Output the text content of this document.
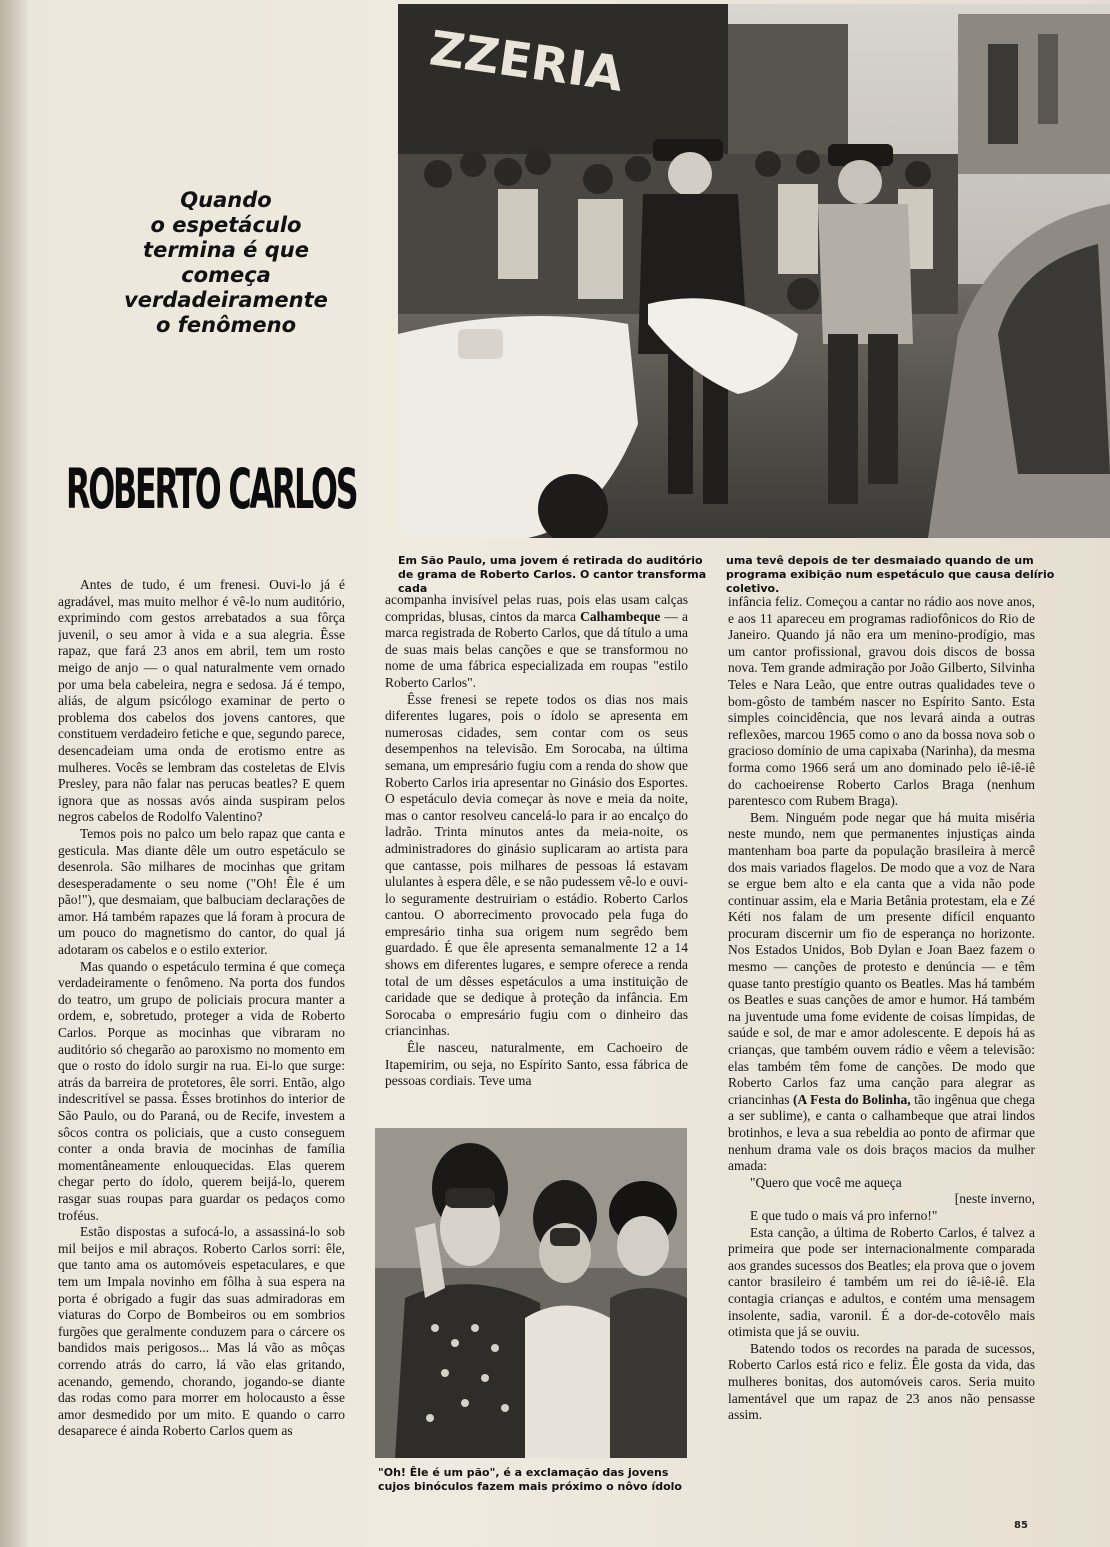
Quando
o espetáculo
termina é que
começa
verdadeiramente
o fenômeno
ROBERTO CARLOS
ZZERIA
Em São Paulo, uma jovem é retirada do auditório de grama de Roberto Carlos. O cantor transforma cada
uma tevê depois de ter desmaiado quando de um programa exibição num espetáculo que causa delírio coletivo.

Antes de tudo, é um frenesi. Ouvi-lo já é agradável, mas muito melhor é vê-lo num auditório, exprimindo com gestos arrebatados a sua fôrça juvenil, o seu amor à vida e a sua alegria. Êsse rapaz, que fará 23 anos em abril, tem um rosto meigo de anjo — o qual naturalmente vem ornado por uma bela cabeleira, negra e sedosa. Já é tempo, aliás, de algum psicólogo examinar de perto o problema dos cabelos dos jovens cantores, que constituem verdadeiro fetiche e que, segundo parece, desencadeiam uma onda de erotismo entre as mulheres. Vocês se lembram das costeletas de Elvis Presley, para não falar nas perucas beatles? E quem ignora que as nossas avós ainda suspiram pelos negros cabelos de Rodolfo Valentino?

Temos pois no palco um belo rapaz que canta e gesticula. Mas diante dêle um outro espetáculo se desenrola. São milhares de mocinhas que gritam desesperadamente o seu nome ("Oh! Êle é um pão!"), que desmaiam, que balbuciam declarações de amor. Há também rapazes que lá foram à procura de um pouco do magnetismo do cantor, do qual já adotaram os cabelos e o estilo exterior.

Mas quando o espetáculo termina é que começa verdadeiramente o fenômeno. Na porta dos fundos do teatro, um grupo de policiais procura manter a ordem, e, sobretudo, proteger a vida de Roberto Carlos. Porque as mocinhas que vibraram no auditório só chegarão ao paroxismo no momento em que o rosto do ídolo surgir na rua. Ei-lo que surge: atrás da barreira de protetores, êle sorri. Então, algo indescritível se passa. Êsses brotinhos do interior de São Paulo, ou do Paraná, ou de Recife, investem a sôcos contra os policiais, que a custo conseguem conter a onda bravia de mocinhas de família momentâneamente enlouquecidas. Elas querem chegar perto do ídolo, querem beijá-lo, querem rasgar suas roupas para guardar os pedaços como troféus.

Estão dispostas a sufocá-lo, a assassiná-lo sob mil beijos e mil abraços. Roberto Carlos sorri: êle, que tanto ama os automóveis espetaculares, e que tem um Impala novinho em fôlha à sua espera na porta é obrigado a fugir das suas admiradoras em viaturas do Corpo de Bombeiros ou em sombrios furgões que geralmente conduzem para o cárcere os bandidos mais perigosos... Mas lá vão as môças correndo atrás do carro, lá vão elas gritando, acenando, gemendo, chorando, jogando-se diante das rodas como para morrer em holocausto a êsse amor desmedido por um mito. E quando o carro desaparece é ainda Roberto Carlos quem as

acompanha invisível pelas ruas, pois elas usam calças compridas, blusas, cintos da marca Calhambeque — a marca registrada de Roberto Carlos, que dá título a uma de suas mais belas canções e que se transformou no nome de uma fábrica especializada em roupas "estilo Roberto Carlos".

Êsse frenesi se repete todos os dias nos mais diferentes lugares, pois o ídolo se apresenta em numerosas cidades, sem contar com os seus desempenhos na televisão. Em Sorocaba, na última semana, um empresário fugiu com a renda do show que Roberto Carlos iria apresentar no Ginásio dos Esportes. O espetáculo devia começar às nove e meia da noite, mas o cantor resolveu cancelá-lo para ir ao encalço do ladrão. Trinta minutos antes da meia-noite, os administradores do ginásio suplicaram ao artista para que cantasse, pois milhares de pessoas lá estavam ululantes à espera dêle, e se não pudessem vê-lo e ouvi-lo seguramente destruiriam o estádio. Roberto Carlos cantou. O aborrecimento provocado pela fuga do empresário tinha sua origem num segrêdo bem guardado. É que êle apresenta semanalmente 12 a 14 shows em diferentes lugares, e sempre oferece a renda total de um dêsses espetáculos a uma instituição de caridade que se dedique à proteção da infância. Em Sorocaba o empresário fugiu com o dinheiro das criancinhas.

Êle nasceu, naturalmente, em Cachoeiro de Itapemirim, ou seja, no Espírito Santo, essa fábrica de pessoas cordiais. Teve uma

"Oh! Êle é um pão", é a exclamação das jovens cujos binóculos fazem mais próximo o nôvo ídolo

infância feliz. Começou a cantar no rádio aos nove anos, e aos 11 apareceu em programas radiofônicos do Rio de Janeiro. Quando já não era um menino-prodígio, mas um cantor profissional, gravou dois discos de bossa nova. Tem grande admiração por João Gilberto, Silvinha Teles e Nara Leão, que entre outras qualidades teve o bom-gôsto de também nascer no Espírito Santo. Esta simples coincidência, que nos levará ainda a outras reflexões, marcou 1965 como o ano da bossa nova sob o gracioso domínio de uma capixaba (Narinha), da mesma forma como 1966 será um ano dominado pelo iê-iê-iê do cachoeirense Roberto Carlos Braga (nenhum parentesco com Rubem Braga).

Bem. Ninguém pode negar que há muita miséria neste mundo, nem que permanentes injustiças ainda mantenham boa parte da população brasileira à mercê dos mais variados flagelos. De modo que a voz de Nara se ergue bem alto e ela canta que a vida não pode continuar assim, ela e Maria Betânia protestam, ela e Zé Kéti nos falam de um presente difícil enquanto procuram discernir um fio de esperança no horizonte. Nos Estados Unidos, Bob Dylan e Joan Baez fazem o mesmo — canções de protesto e denúncia — e têm quase tanto prestígio quanto os Beatles. Mas há também os Beatles e suas canções de amor e humor. Há também na juventude uma fome evidente de coisas límpidas, de saúde e sol, de mar e amor adolescente. E depois há as crianças, que também ouvem rádio e vêem a televisão: elas também têm fome de canções. De modo que Roberto Carlos faz uma canção para alegrar as criancinhas (A Festa do Bolinha, tão ingênua que chega a ser sublime), e canta o calhambeque que atrai lindos brotinhos, e leva a sua rebeldia ao ponto de afirmar que nenhum drama vale os dois braços macios da mulher amada:

"Quero que você me aqueça

[neste inverno,

E que tudo o mais vá pro inferno!"

Esta canção, a última de Roberto Carlos, é talvez a primeira que pode ser internacionalmente comparada aos grandes sucessos dos Beatles; ela prova que o jovem cantor brasileiro é também um rei do iê-iê-iê. Ela contagia crianças e adultos, e contém uma mensagem insolente, sadia, varonil. É a dor-de-cotovêlo mais otimista que já se ouviu.

Batendo todos os recordes na parada de sucessos, Roberto Carlos está rico e feliz. Êle gosta da vida, das mulheres bonitas, dos automóveis caros. Seria muito lamentável que um rapaz de 23 anos não pensasse assim.

85
